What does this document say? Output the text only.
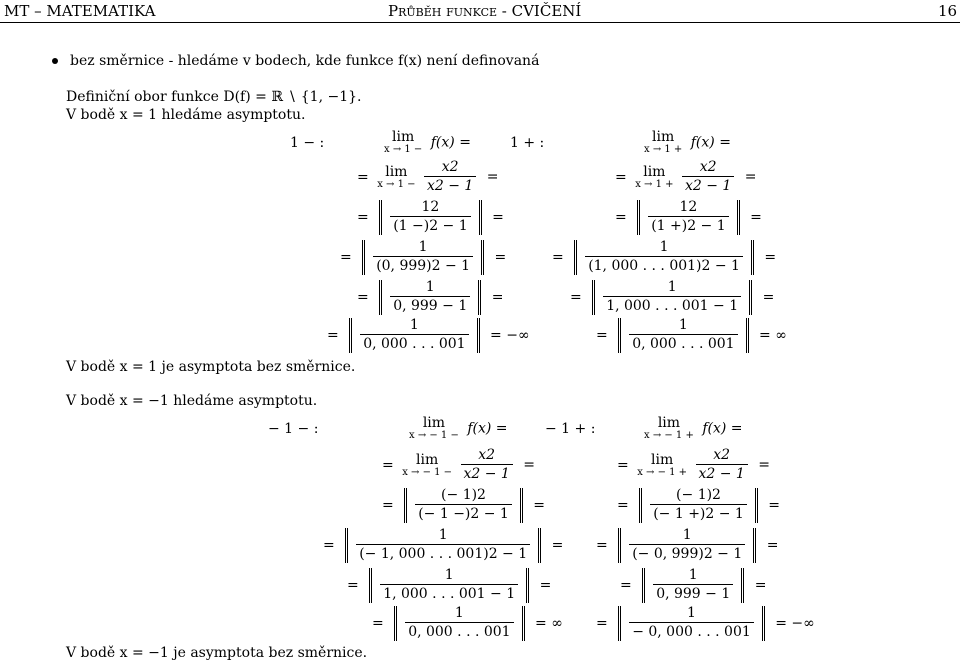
MT – MATEMATIKA	Průběh funkce - CVIČENÍ	16
bez směrnice - hledáme v bodech, kde funkce f(x) není definovaná
Definiční obor funkce D(f) = ℝ ∖ {1, −1}.
V bodě x = 1 hledáme asymptotu.
V bodě x = 1 je asymptota bez směrnice.
V bodě x = −1 hledáme asymptotu.
V bodě x = −1 je asymptota bez směrnice.
1 − :	lim
x → 1 − f(x) =
= lim
x → 1 −
$\frac{x2}{x2 - 1}$ =
= $\frac{12}{(1 -)2 - 1}$ =
= $\frac{1}{(0, 999)2 - 1}$ =
= $\frac{1}{0, 999 - 1}$ =
= $\frac{1}{0, 000 . . . 001}$ = −∞
1 + :	lim
x → 1 + f(x) =
= lim
x → 1 +
$\frac{x2}{x2 - 1}$ =
= $\frac{12}{(1 +)2 - 1}$ =
= $\frac{1}{(1, 000 . . . 001)2 - 1}$ =
= $\frac{1}{1, 000 . . . 001 - 1}$ =
= $\frac{1}{0, 000 . . . 001}$ = ∞
− 1 − :	lim
x → − 1 − f(x) =
= lim
x → − 1 −
$\frac{x2}{x2 - 1}$ =
= $\frac{(- 1)2}{(- 1 -)2 - 1}$ =
= $\frac{1}{(- 1, 000 . . . 001)2 - 1}$ =
= $\frac{1}{1, 000 . . . 001 - 1}$ =
= $\frac{1}{0, 000 . . . 001}$ = ∞
− 1 + :	lim
x → − 1 + f(x) =
= lim
x → − 1 +
$\frac{x2}{x2 - 1}$ =
= $\frac{(- 1)2}{(- 1 +)2 - 1}$ =
= $\frac{1}{(- 0, 999)2 - 1}$ =
= $\frac{1}{0, 999 - 1}$ =
= $\frac{1}{- 0, 000 . . . 001}$ = −∞
